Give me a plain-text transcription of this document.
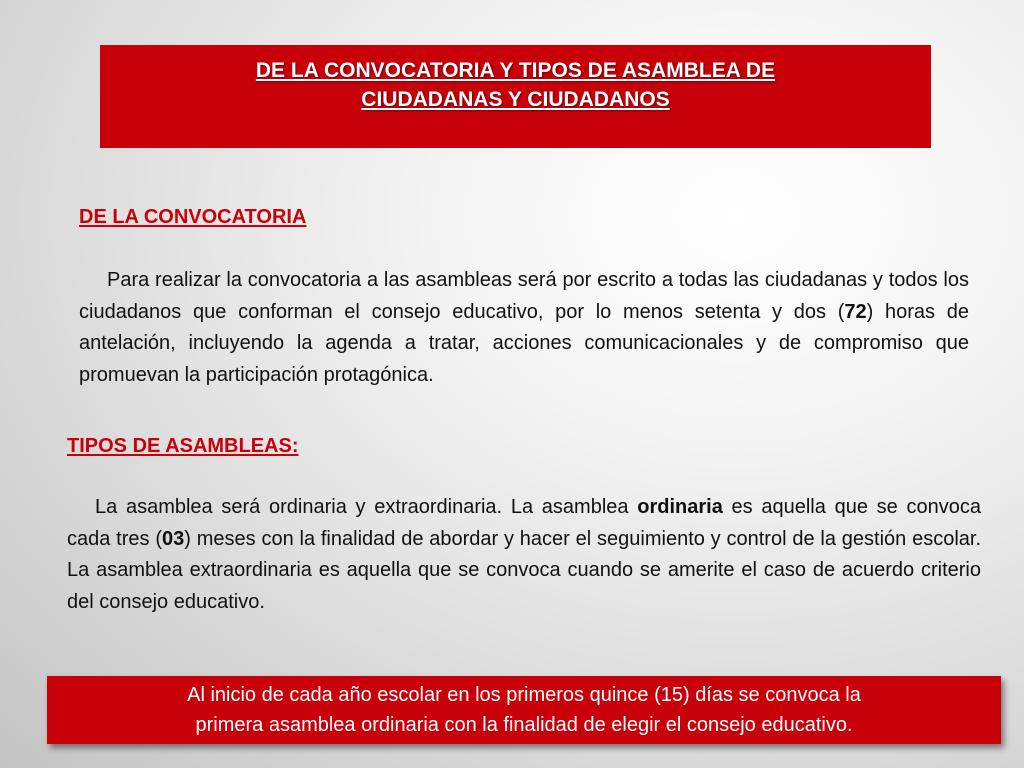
DE LA CONVOCATORIA Y TIPOS DE ASAMBLEA DE
CIUDADANAS Y CIUDADANOS

DE LA CONVOCATORIA

Para realizar la convocatoria a las asambleas será por escrito a todas las ciudadanas y todos los ciudadanos que conforman el consejo educativo, por lo menos setenta y dos (72) horas de antelación, incluyendo la agenda a tratar, acciones comunicacionales y de compromiso que promuevan la participación protagónica.

TIPOS DE ASAMBLEAS:

La asamblea será ordinaria y extraordinaria. La asamblea ordinaria es aquella que se convoca cada tres (03) meses con la finalidad de abordar y hacer el seguimiento y control de la gestión escolar. La asamblea extraordinaria es aquella que se convoca cuando se amerite el caso de acuerdo criterio del consejo educativo.

Al inicio de cada año escolar en los primeros quince (15) días se convoca la
primera asamblea ordinaria con la finalidad de elegir el consejo educativo.
